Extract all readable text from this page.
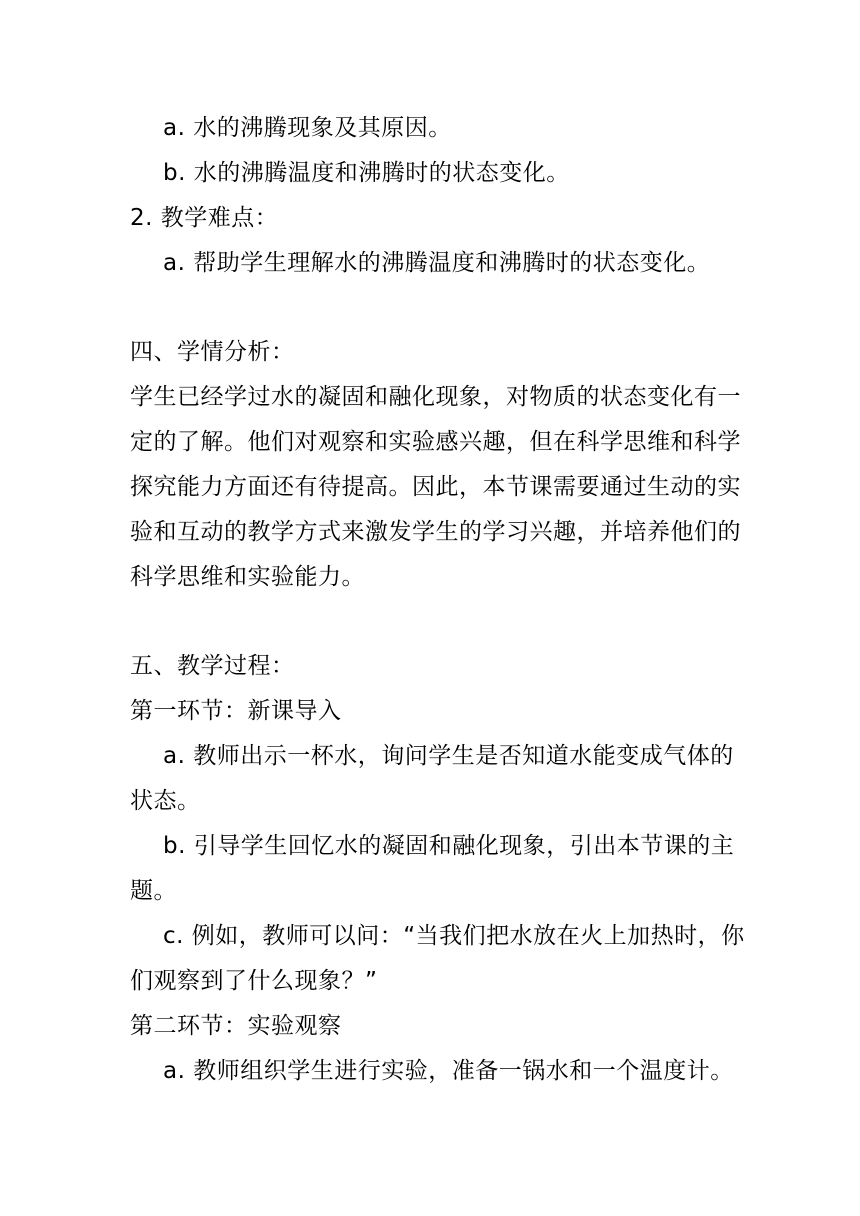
a. 水的沸腾现象及其原因。
b. 水的沸腾温度和沸腾时的状态变化。
2. 教学难点：
a. 帮助学生理解水的沸腾温度和沸腾时的状态变化。
四、学情分析：
学生已经学过水的凝固和融化现象，对物质的状态变化有一
定的了解。他们对观察和实验感兴趣，但在科学思维和科学
探究能力方面还有待提高。因此，本节课需要通过生动的实
验和互动的教学方式来激发学生的学习兴趣，并培养他们的
科学思维和实验能力。
五、教学过程：
第一环节：新课导入
a. 教师出示一杯水，询问学生是否知道水能变成气体的
状态。
b. 引导学生回忆水的凝固和融化现象，引出本节课的主
题。
c. 例如，教师可以问：“当我们把水放在火上加热时，你
们观察到了什么现象？”
第二环节：实验观察
a. 教师组织学生进行实验，准备一锅水和一个温度计。
